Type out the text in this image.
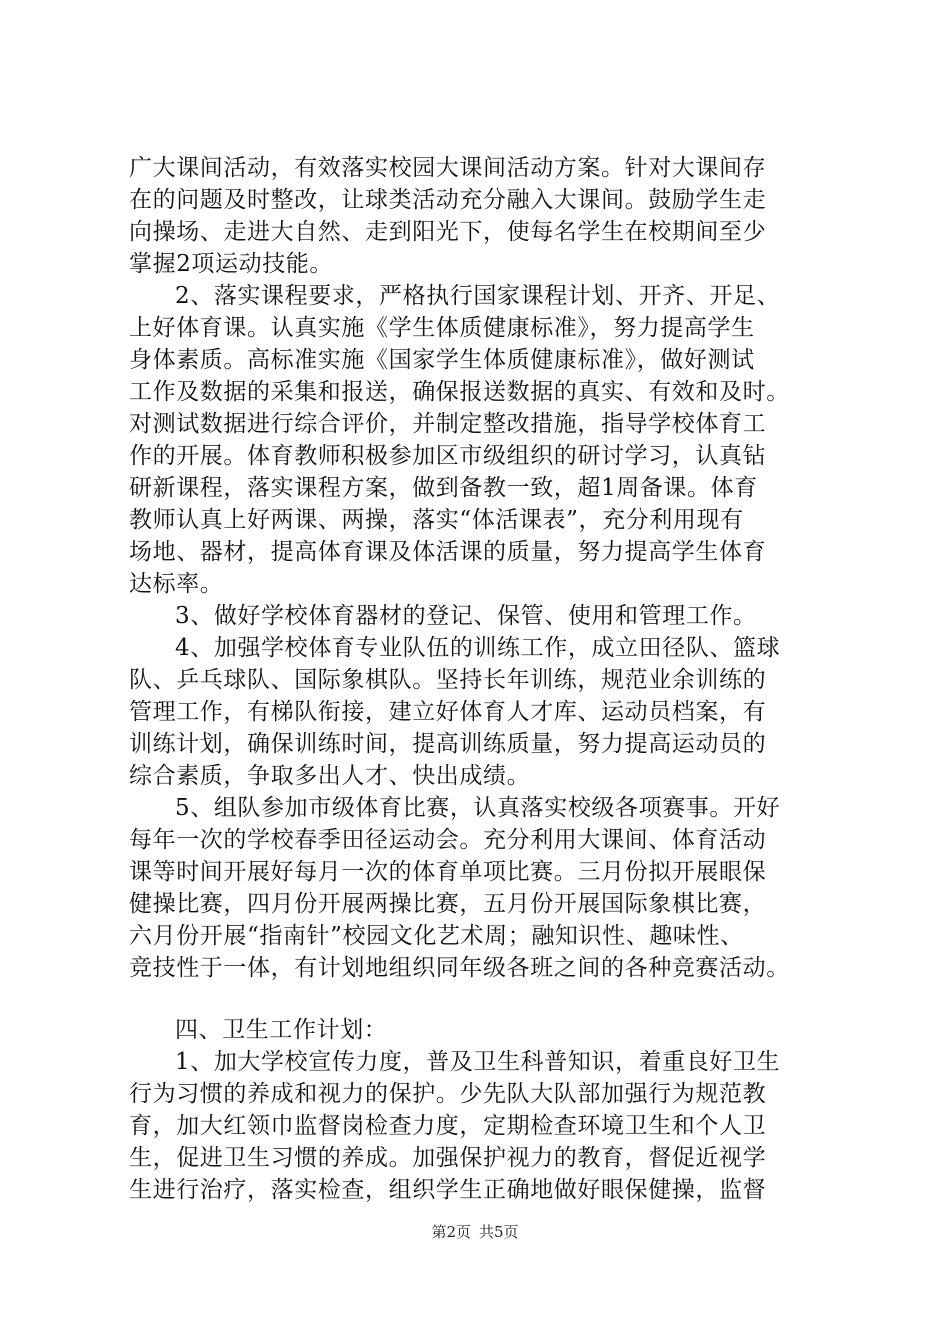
广大课间活动，有效落实校园大课间活动方案。针对大课间存
在的问题及时整改，让球类活动充分融入大课间。鼓励学生走
向操场、走进大自然、走到阳光下，使每名学生在校期间至少
掌握2项运动技能。
2、落实课程要求，严格执行国家课程计划、开齐、开足、
上好体育课。认真实施《学生体质健康标准》，努力提高学生
身体素质。高标准实施《国家学生体质健康标准》，做好测试
工作及数据的采集和报送，确保报送数据的真实、有效和及时。
对测试数据进行综合评价，并制定整改措施，指导学校体育工
作的开展。体育教师积极参加区市级组织的研讨学习，认真钻
研新课程，落实课程方案，做到备教一致，超1周备课。体育
教师认真上好两课、两操，落实“体活课表”，充分利用现有
场地、器材，提高体育课及体活课的质量，努力提高学生体育
达标率。
3、做好学校体育器材的登记、保管、使用和管理工作。
4、加强学校体育专业队伍的训练工作，成立田径队、篮球
队、乒乓球队、国际象棋队。坚持长年训练，规范业余训练的
管理工作，有梯队衔接，建立好体育人才库、运动员档案，有
训练计划，确保训练时间，提高训练质量，努力提高运动员的
综合素质，争取多出人才、快出成绩。
5、组队参加市级体育比赛，认真落实校级各项赛事。开好
每年一次的学校春季田径运动会。充分利用大课间、体育活动
课等时间开展好每月一次的体育单项比赛。三月份拟开展眼保
健操比赛，四月份开展两操比赛，五月份开展国际象棋比赛，
六月份开展“指南针”校园文化艺术周；融知识性、趣味性、
竞技性于一体，有计划地组织同年级各班之间的各种竞赛活动。
四、卫生工作计划：
1、加大学校宣传力度，普及卫生科普知识，着重良好卫生
行为习惯的养成和视力的保护。少先队大队部加强行为规范教
育，加大红领巾监督岗检查力度，定期检查环境卫生和个人卫
生，促进卫生习惯的养成。加强保护视力的教育，督促近视学
生进行治疗，落实检查，组织学生正确地做好眼保健操，监督
第2页 共5页
